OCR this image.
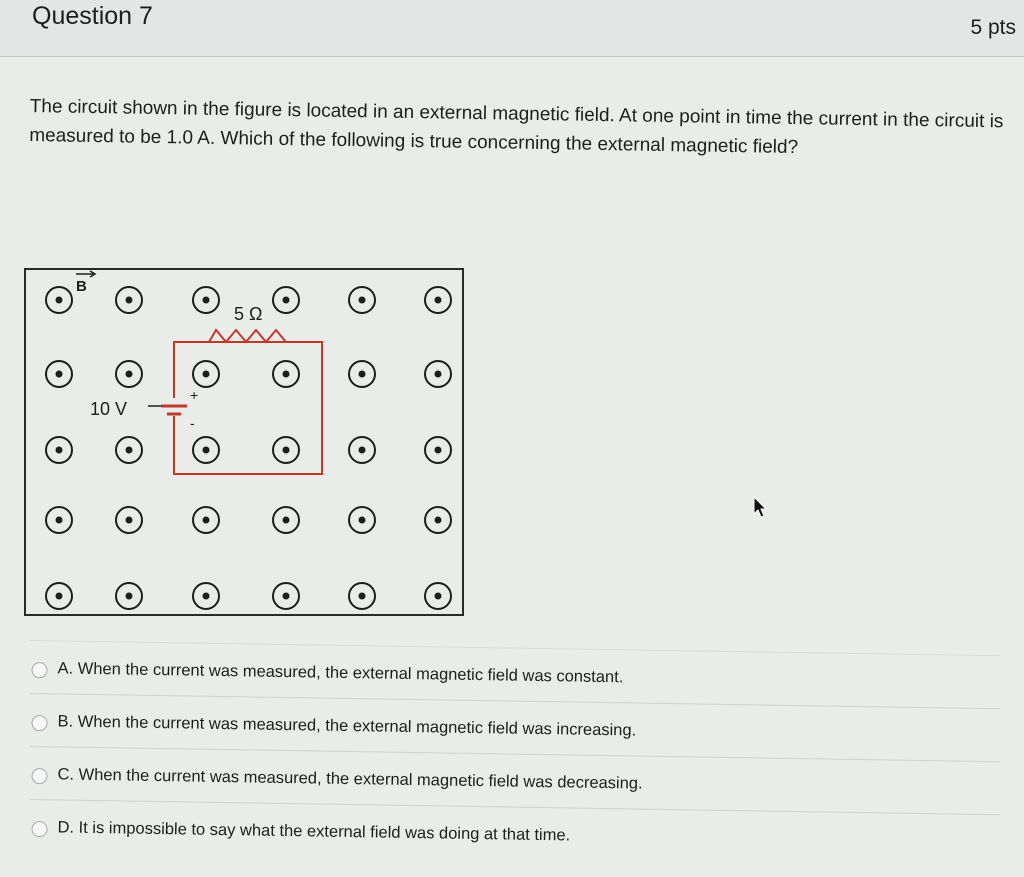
Question 7	5 pts
The circuit shown in the figure is located in an external magnetic field. At one point in time the current in the circuit is measured to be 1.0 A. Which of the following is true concerning the external magnetic field?
5 Ω
10 V
+
-
B
A. When the current was measured, the external magnetic field was constant.
B. When the current was measured, the external magnetic field was increasing.
C. When the current was measured, the external magnetic field was decreasing.
D. It is impossible to say what the external field was doing at that time.
